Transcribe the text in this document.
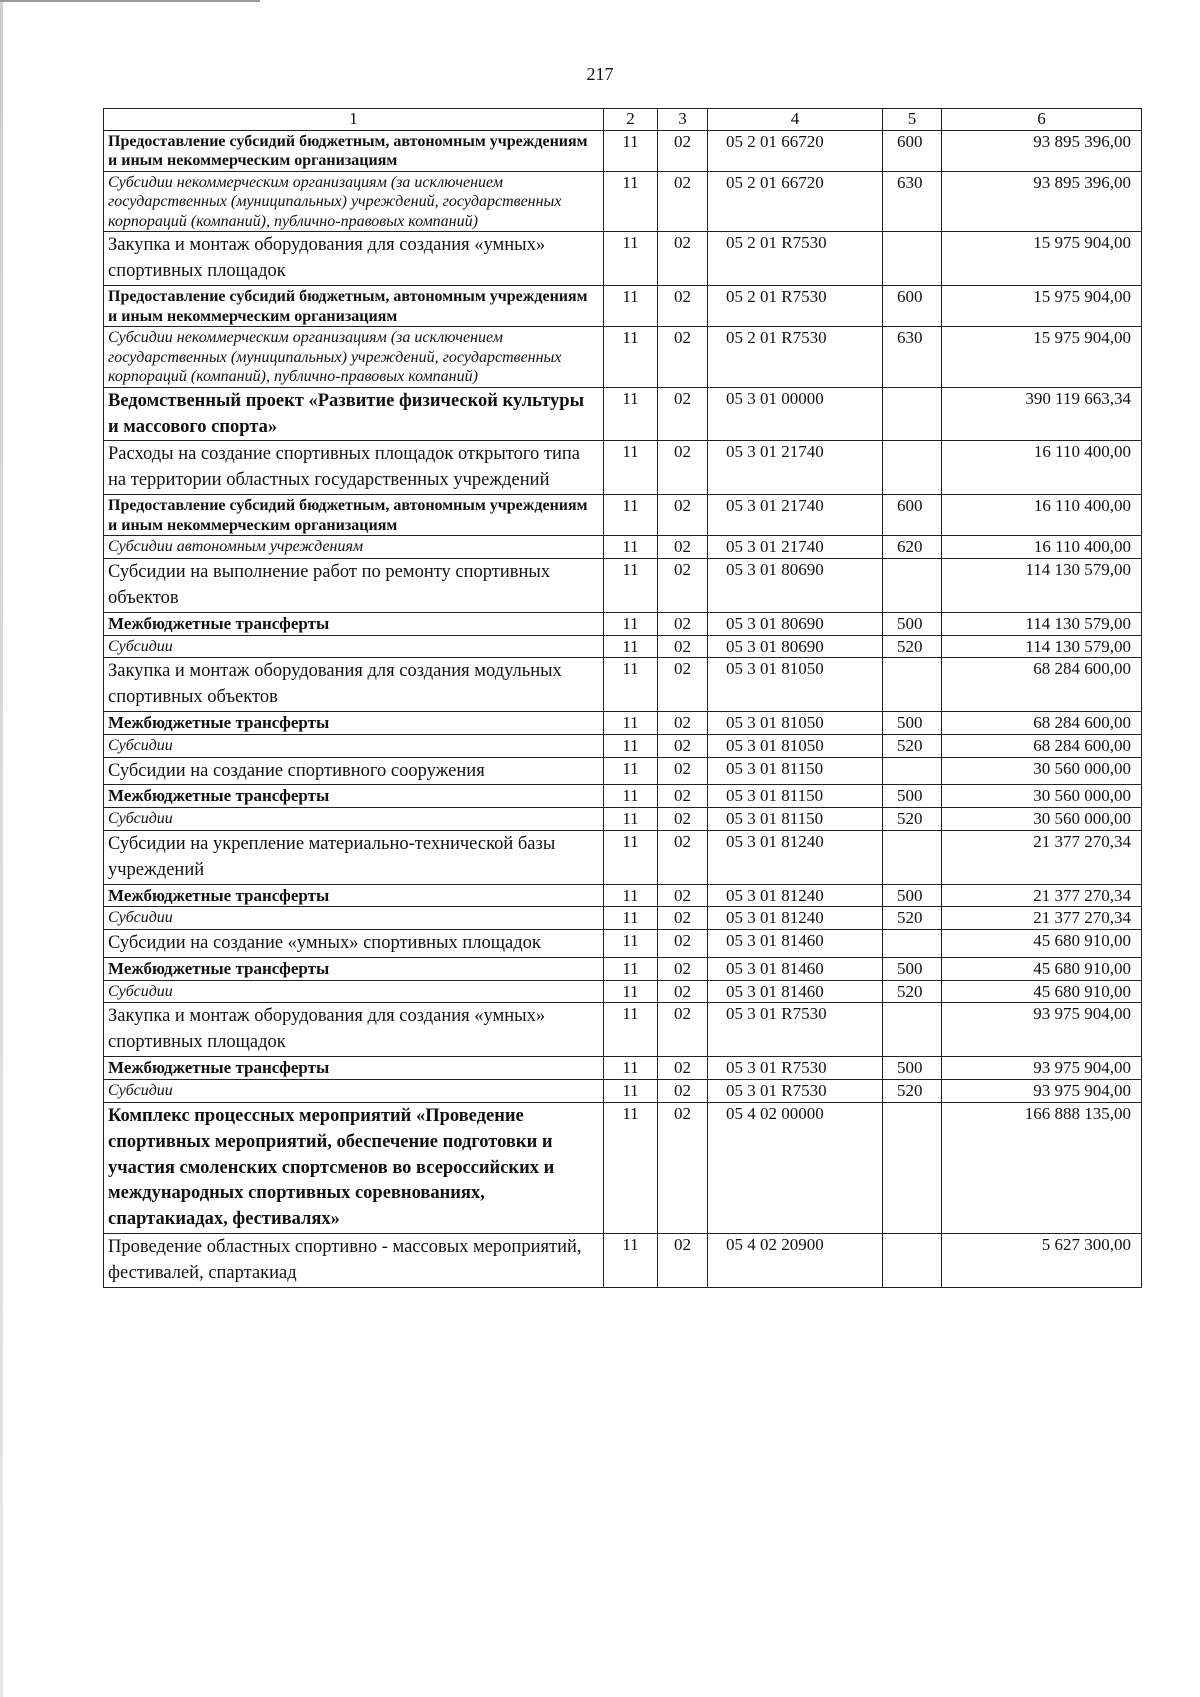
217
1	2	3	4	5	6
Предоставление субсидий бюджетным, автономным учреждениям и иным некоммерческим организациям	11	02	05 2 01 66720	600	93 895 396,00
Субсидии некоммерческим организациям (за исключением государственных (муниципальных) учреждений, государственных корпораций (компаний), публично-правовых компаний)	11	02	05 2 01 66720	630	93 895 396,00
Закупка и монтаж оборудования для создания «умных» спортивных площадок	11	02	05 2 01 R7530		15 975 904,00
Предоставление субсидий бюджетным, автономным учреждениям и иным некоммерческим организациям	11	02	05 2 01 R7530	600	15 975 904,00
Субсидии некоммерческим организациям (за исключением государственных (муниципальных) учреждений, государственных корпораций (компаний), публично-правовых компаний)	11	02	05 2 01 R7530	630	15 975 904,00
Ведомственный проект «Развитие физической культуры и массового спорта»	11	02	05 3 01 00000		390 119 663,34
Расходы на создание спортивных площадок открытого типа на территории областных государственных учреждений	11	02	05 3 01 21740		16 110 400,00
Предоставление субсидий бюджетным, автономным учреждениям и иным некоммерческим организациям	11	02	05 3 01 21740	600	16 110 400,00
Субсидии автономным учреждениям	11	02	05 3 01 21740	620	16 110 400,00
Субсидии на выполнение работ по ремонту спортивных объектов	11	02	05 3 01 80690		114 130 579,00
Межбюджетные трансферты	11	02	05 3 01 80690	500	114 130 579,00
Субсидии	11	02	05 3 01 80690	520	114 130 579,00
Закупка и монтаж оборудования для создания модульных спортивных объектов	11	02	05 3 01 81050		68 284 600,00
Межбюджетные трансферты	11	02	05 3 01 81050	500	68 284 600,00
Субсидии	11	02	05 3 01 81050	520	68 284 600,00
Субсидии на создание спортивного сооружения	11	02	05 3 01 81150		30 560 000,00
Межбюджетные трансферты	11	02	05 3 01 81150	500	30 560 000,00
Субсидии	11	02	05 3 01 81150	520	30 560 000,00
Субсидии на укрепление материально-технической базы учреждений	11	02	05 3 01 81240		21 377 270,34
Межбюджетные трансферты	11	02	05 3 01 81240	500	21 377 270,34
Субсидии	11	02	05 3 01 81240	520	21 377 270,34
Субсидии на создание «умных» спортивных площадок	11	02	05 3 01 81460		45 680 910,00
Межбюджетные трансферты	11	02	05 3 01 81460	500	45 680 910,00
Субсидии	11	02	05 3 01 81460	520	45 680 910,00
Закупка и монтаж оборудования для создания «умных» спортивных площадок	11	02	05 3 01 R7530		93 975 904,00
Межбюджетные трансферты	11	02	05 3 01 R7530	500	93 975 904,00
Субсидии	11	02	05 3 01 R7530	520	93 975 904,00
Комплекс процессных мероприятий «Проведение спортивных мероприятий, обеспечение подготовки и участия смоленских спортсменов во всероссийских и международных спортивных соревнованиях, спартакиадах, фестивалях»	11	02	05 4 02 00000		166 888 135,00
Проведение областных спортивно - массовых мероприятий, фестивалей, спартакиад	11	02	05 4 02 20900		5 627 300,00
